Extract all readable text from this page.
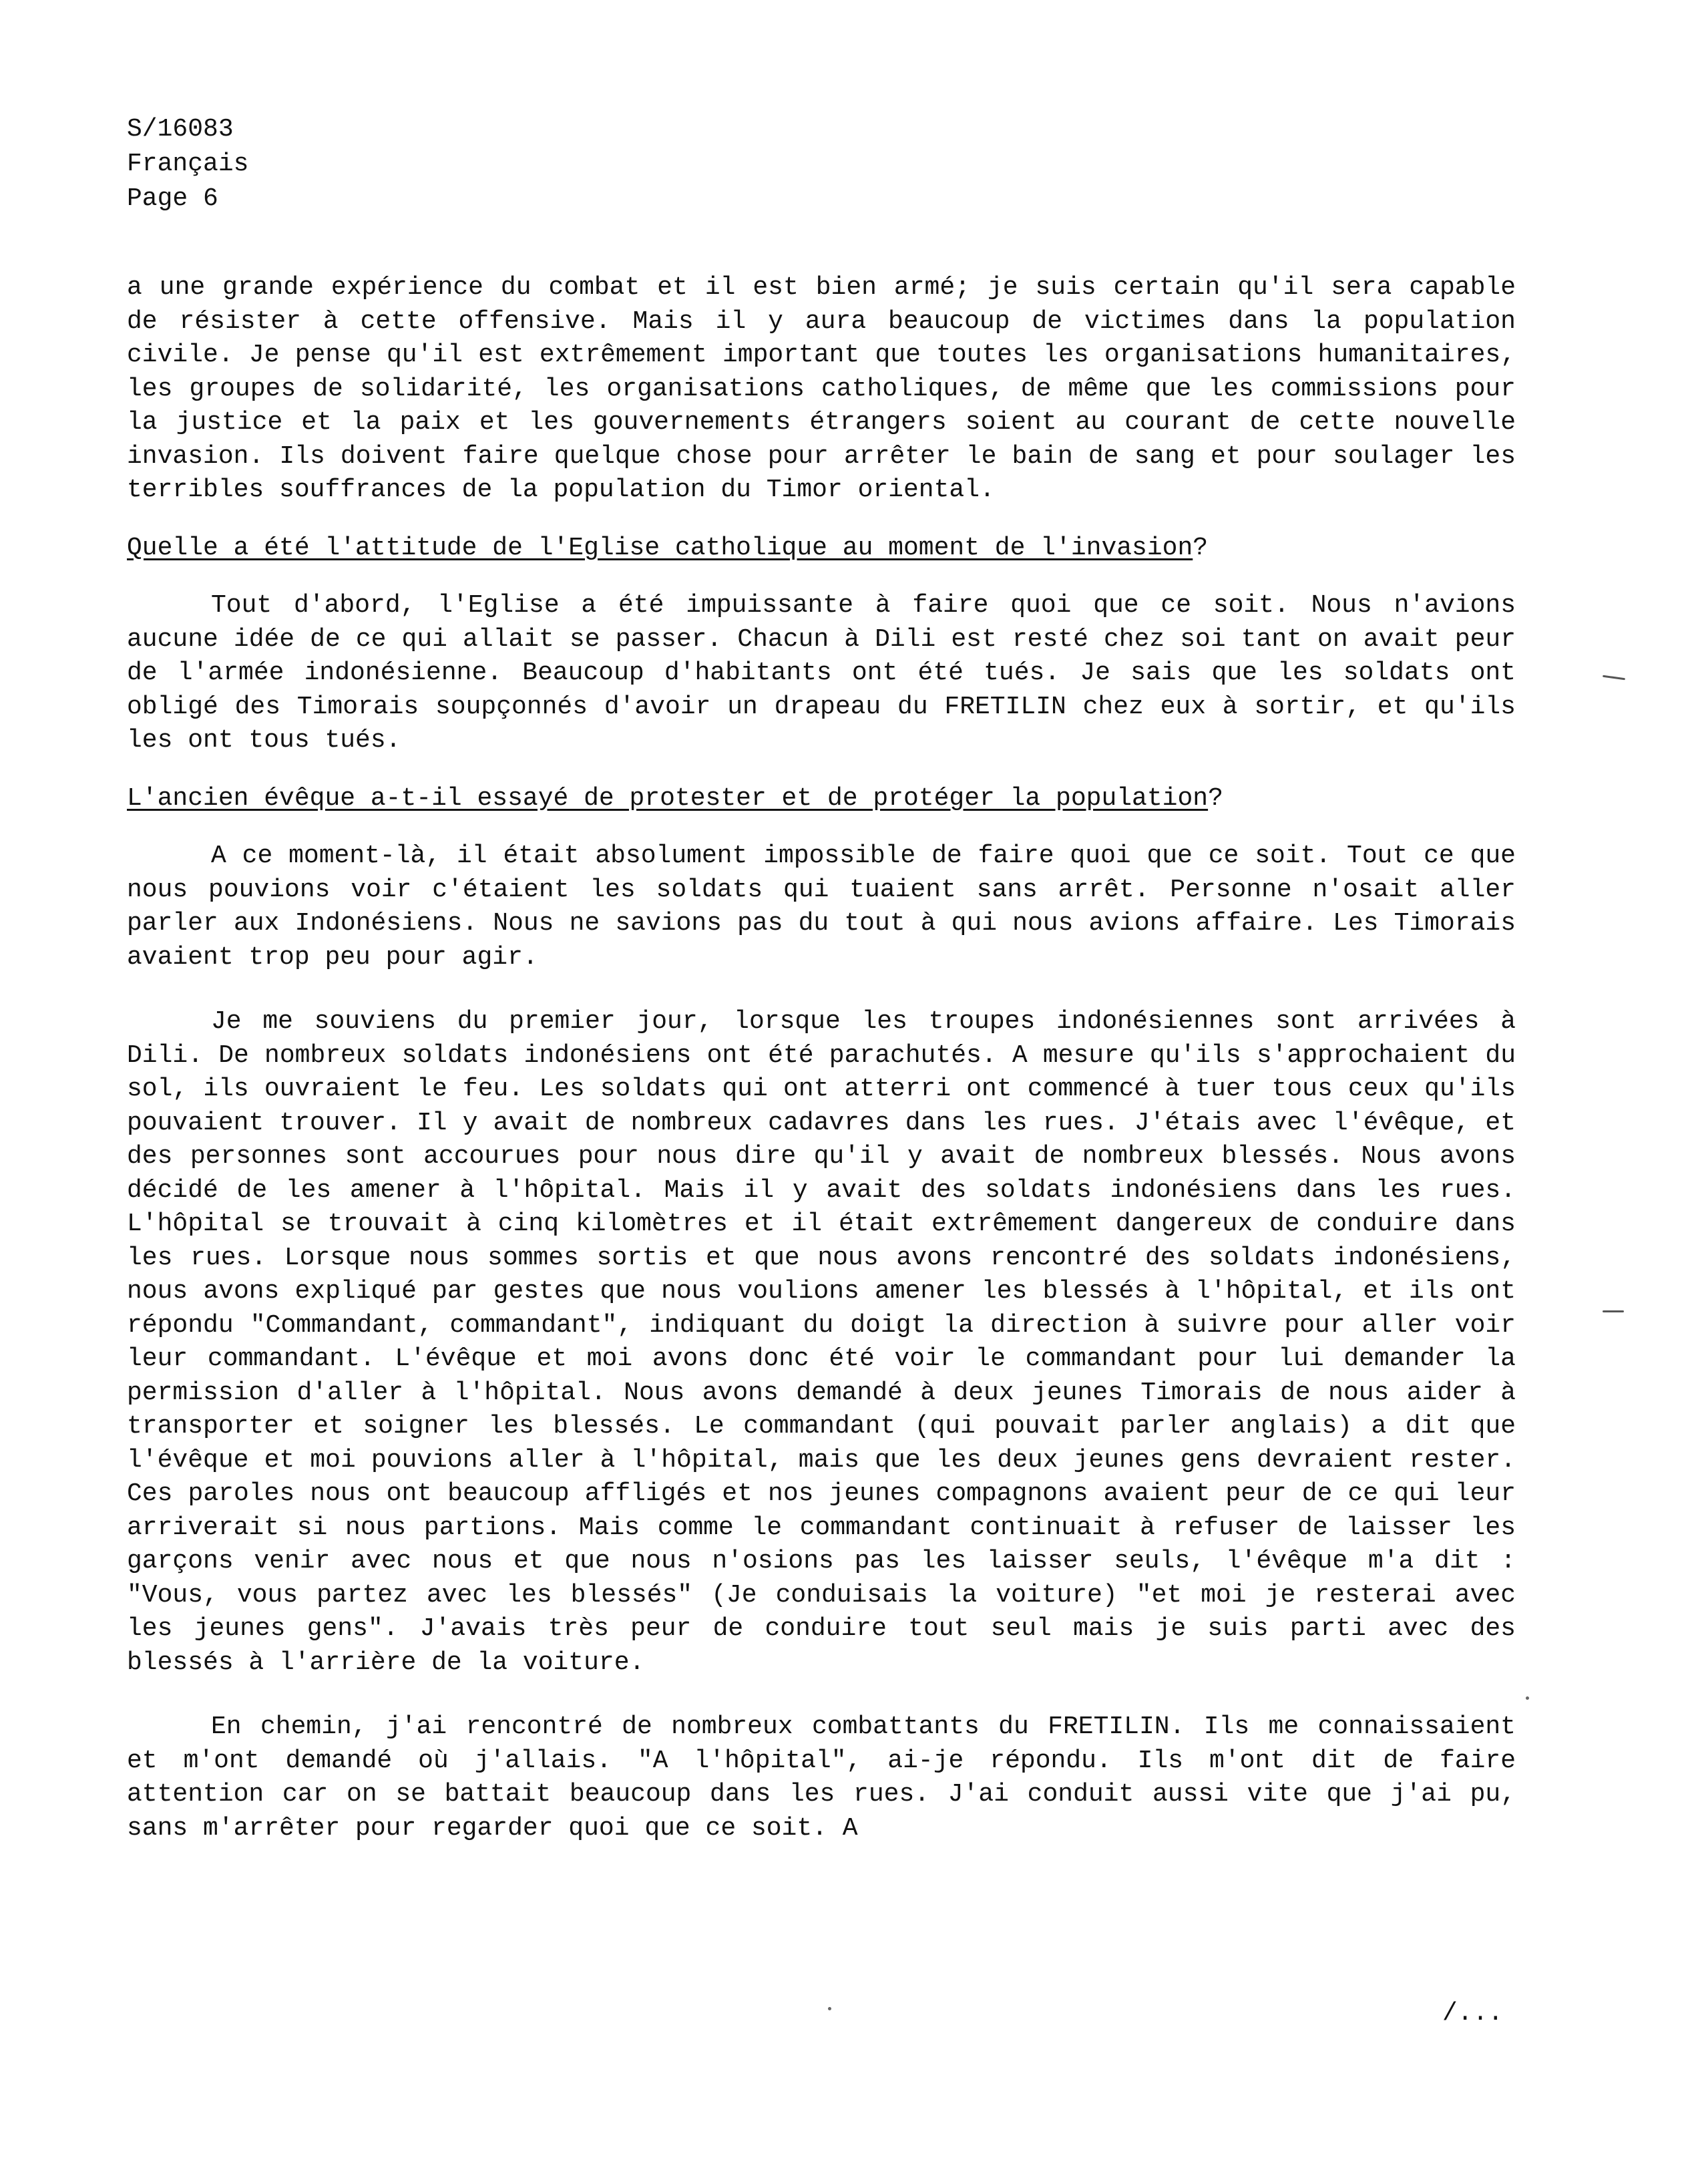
S/16083
Français
Page 6

a une grande expérience du combat et il est bien armé; je suis certain qu'il sera capable de résister à cette offensive. Mais il y aura beaucoup de victimes dans la population civile. Je pense qu'il est extrêmement important que toutes les organisations humanitaires, les groupes de solidarité, les organisations catholiques, de même que les commissions pour la justice et la paix et les gouvernements étrangers soient au courant de cette nouvelle invasion. Ils doivent faire quelque chose pour arrêter le bain de sang et pour soulager les terribles souffrances de la population du Timor oriental.

Quelle a été l'attitude de l'Eglise catholique au moment de l'invasion?

Tout d'abord, l'Eglise a été impuissante à faire quoi que ce soit. Nous n'avions aucune idée de ce qui allait se passer. Chacun à Dili est resté chez soi tant on avait peur de l'armée indonésienne. Beaucoup d'habitants ont été tués. Je sais que les soldats ont obligé des Timorais soupçonnés d'avoir un drapeau du FRETILIN chez eux à sortir, et qu'ils les ont tous tués.

L'ancien évêque a-t-il essayé de protester et de protéger la population?

A ce moment-là, il était absolument impossible de faire quoi que ce soit. Tout ce que nous pouvions voir c'étaient les soldats qui tuaient sans arrêt. Personne n'osait aller parler aux Indonésiens. Nous ne savions pas du tout à qui nous avions affaire. Les Timorais avaient trop peu pour agir.

Je me souviens du premier jour, lorsque les troupes indonésiennes sont arrivées à Dili. De nombreux soldats indonésiens ont été parachutés. A mesure qu'ils s'approchaient du sol, ils ouvraient le feu. Les soldats qui ont atterri ont commencé à tuer tous ceux qu'ils pouvaient trouver. Il y avait de nombreux cadavres dans les rues. J'étais avec l'évêque, et des personnes sont accourues pour nous dire qu'il y avait de nombreux blessés. Nous avons décidé de les amener à l'hôpital. Mais il y avait des soldats indonésiens dans les rues. L'hôpital se trouvait à cinq kilomètres et il était extrêmement dangereux de conduire dans les rues. Lorsque nous sommes sortis et que nous avons rencontré des soldats indonésiens, nous avons expliqué par gestes que nous voulions amener les blessés à l'hôpital, et ils ont répondu "Commandant, commandant", indiquant du doigt la direction à suivre pour aller voir leur commandant. L'évêque et moi avons donc été voir le commandant pour lui demander la permission d'aller à l'hôpital. Nous avons demandé à deux jeunes Timorais de nous aider à transporter et soigner les blessés. Le commandant (qui pouvait parler anglais) a dit que l'évêque et moi pouvions aller à l'hôpital, mais que les deux jeunes gens devraient rester. Ces paroles nous ont beaucoup affligés et nos jeunes compagnons avaient peur de ce qui leur arriverait si nous partions. Mais comme le commandant continuait à refuser de laisser les garçons venir avec nous et que nous n'osions pas les laisser seuls, l'évêque m'a dit : "Vous, vous partez avec les blessés" (Je conduisais la voiture) "et moi je resterai avec les jeunes gens". J'avais très peur de conduire tout seul mais je suis parti avec des blessés à l'arrière de la voiture.

En chemin, j'ai rencontré de nombreux combattants du FRETILIN. Ils me connaissaient et m'ont demandé où j'allais. "A l'hôpital", ai-je répondu. Ils m'ont dit de faire attention car on se battait beaucoup dans les rues. J'ai conduit aussi vite que j'ai pu, sans m'arrêter pour regarder quoi que ce soit. A

/...
